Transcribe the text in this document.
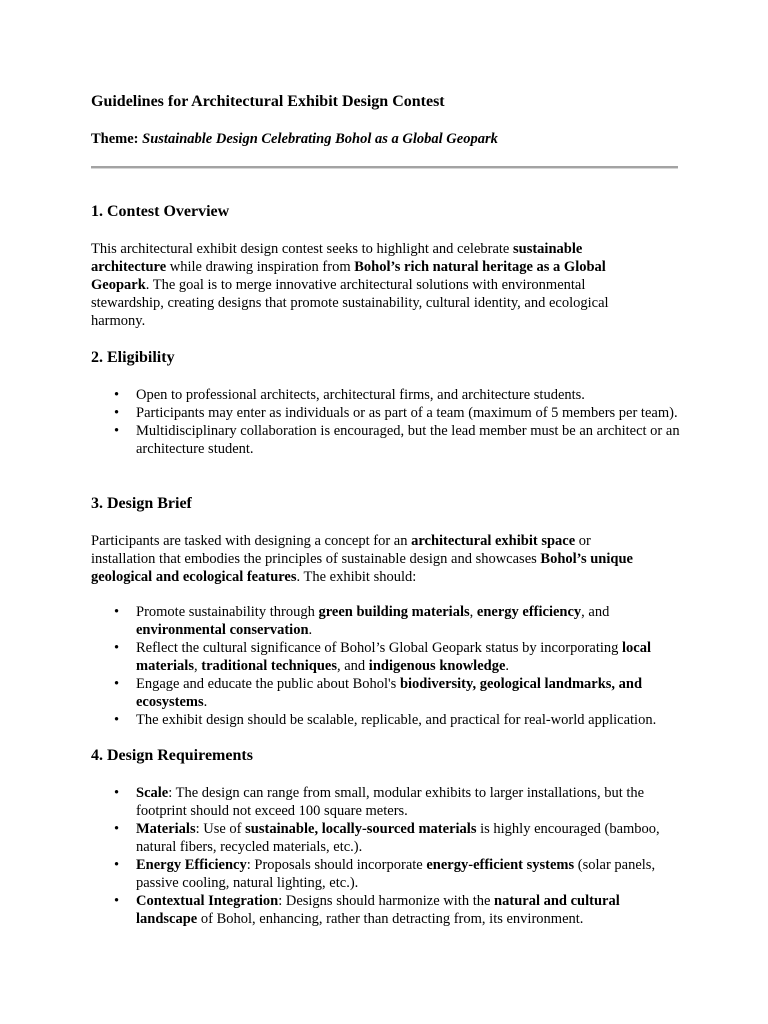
Guidelines for Architectural Exhibit Design Contest

Theme: Sustainable Design Celebrating Bohol as a Global Geopark

1. Contest Overview

This architectural exhibit design contest seeks to highlight and celebrate sustainable architecture while drawing inspiration from Bohol’s rich natural heritage as a Global Geopark. The goal is to merge innovative architectural solutions with environmental stewardship, creating designs that promote sustainability, cultural identity, and ecological harmony.

2. Eligibility
• Open to professional architects, architectural firms, and architecture students.
• Participants may enter as individuals or as part of a team (maximum of 5 members per team).
• Multidisciplinary collaboration is encouraged, but the lead member must be an architect or an architecture student.
3. Design Brief

Participants are tasked with designing a concept for an architectural exhibit space or installation that embodies the principles of sustainable design and showcases Bohol’s unique geological and ecological features. The exhibit should:

• Promote sustainability through green building materials, energy efficiency, and environmental conservation.
• Reflect the cultural significance of Bohol’s Global Geopark status by incorporating local materials, traditional techniques, and indigenous knowledge.
• Engage and educate the public about Bohol's biodiversity, geological landmarks, and ecosystems.
• The exhibit design should be scalable, replicable, and practical for real-world application.
4. Design Requirements
• Scale: The design can range from small, modular exhibits to larger installations, but the footprint should not exceed 100 square meters.
• Materials: Use of sustainable, locally-sourced materials is highly encouraged (bamboo, natural fibers, recycled materials, etc.).
• Energy Efficiency: Proposals should incorporate energy-efficient systems (solar panels, passive cooling, natural lighting, etc.).
• Contextual Integration: Designs should harmonize with the natural and cultural landscape of Bohol, enhancing, rather than detracting from, its environment.
